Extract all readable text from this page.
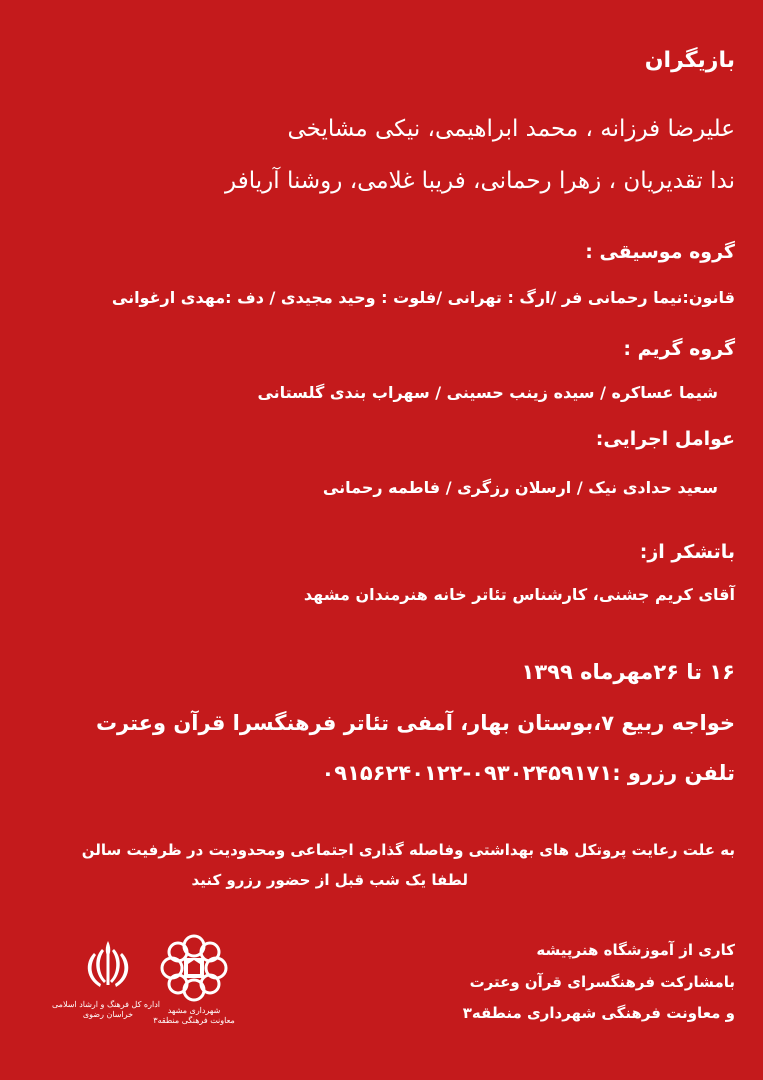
بازیگران
علیرضا فرزانه ، محمد ابراهیمی، نیکی مشایخی
ندا تقدیریان ، زهرا رحمانی، فریبا غلامی، روشنا آریافر
گروه موسیقی :
قانون:نیما رحمانی فر /ارگ : تهرانی /فلوت : وحید مجیدی / دف :مهدی ارغوانی
گروه گریم :
شیما عساکره / سیده زینب حسینی / سهراب بندی گلستانی
عوامل اجرایی:
سعید حدادی نیک / ارسلان رزگری / فاطمه رحمانی
باتشکر از:
آقای کریم جشنی، کارشناس تئاتر خانه هنرمندان مشهد
۱۶ تا ۲۶مهرماه ۱۳۹۹
خواجه ربیع ۷،بوستان بهار، آمفی تئاتر فرهنگسرا قرآن وعترت
تلفن رزرو :۰۹۳۰۲۴۵۹۱۷۱-۰۹۱۵۶۲۴۰۱۲۲
به علت رعایت پروتکل های بهداشتی وفاصله گذاری اجتماعی ومحدودیت در ظرفیت سالن
لطفا یک شب قبل از حضور رزرو کنید
کاری از آموزشگاه هنرپیشه
بامشارکت فرهنگسرای قرآن وعترت
و معاونت فرهنگی شهرداری منطقه۳
شهرداری مشهد
معاونت فرهنگی منطقه۳
اداره کل فرهنگ و ارشاد اسلامی
خراسان رضوی
